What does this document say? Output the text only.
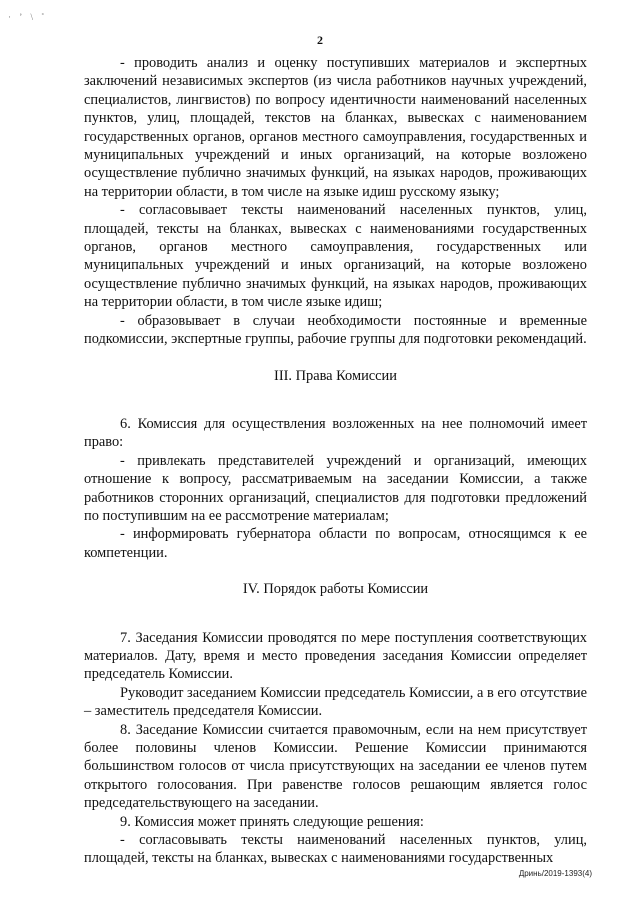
· ʼ \ ˚
2

- проводить анализ и оценку поступивших материалов и экспертных заключений независимых экспертов (из числа работников научных учреждений, специалистов, лингвистов) по вопросу идентичности наименований населенных пунктов, улиц, площадей, текстов на бланках, вывесках с наименованием государственных органов, органов местного самоуправления, государственных и муниципальных учреждений и иных организаций, на которые возложено осуществление публично значимых функций, на языках народов, проживающих на территории области, в том числе на языке идиш русскому языку;

- согласовывает тексты наименований населенных пунктов, улиц, площадей, тексты на бланках, вывесках с наименованиями государственных органов, органов местного самоуправления, государственных или муниципальных учреждений и иных организаций, на которые возложено осуществление публично значимых функций, на языках народов, проживающих на территории области, в том числе языке идиш;

- образовывает в случаи необходимости постоянные и временные подкомиссии, экспертные группы, рабочие группы для подготовки рекомендаций.

III. Права Комиссии

6. Комиссия для осуществления возложенных на нее полномочий имеет право:

- привлекать представителей учреждений и организаций, имеющих отношение к вопросу, рассматриваемым на заседании Комиссии, а также работников сторонних организаций, специалистов для подготовки предложений по поступившим на ее рассмотрение материалам;

- информировать губернатора области по вопросам, относящимся к ее компетенции.

IV. Порядок работы Комиссии

7. Заседания Комиссии проводятся по мере поступления соответствующих материалов. Дату, время и место проведения заседания Комиссии определяет председатель Комиссии.

Руководит заседанием Комиссии председатель Комиссии, а в его отсутствие – заместитель председателя Комиссии.

8. Заседание Комиссии считается правомочным, если на нем присутствует более половины членов Комиссии. Решение Комиссии принимаются большинством голосов от числа присутствующих на заседании ее членов путем открытого голосования. При равенстве голосов решающим является голос председательствующего на заседании.

9. Комиссия может принять следующие решения:

- согласовывать тексты наименований населенных пунктов, улиц, площадей, тексты на бланках, вывесках с наименованиями государственных

Дринь/2019-1393(4)
